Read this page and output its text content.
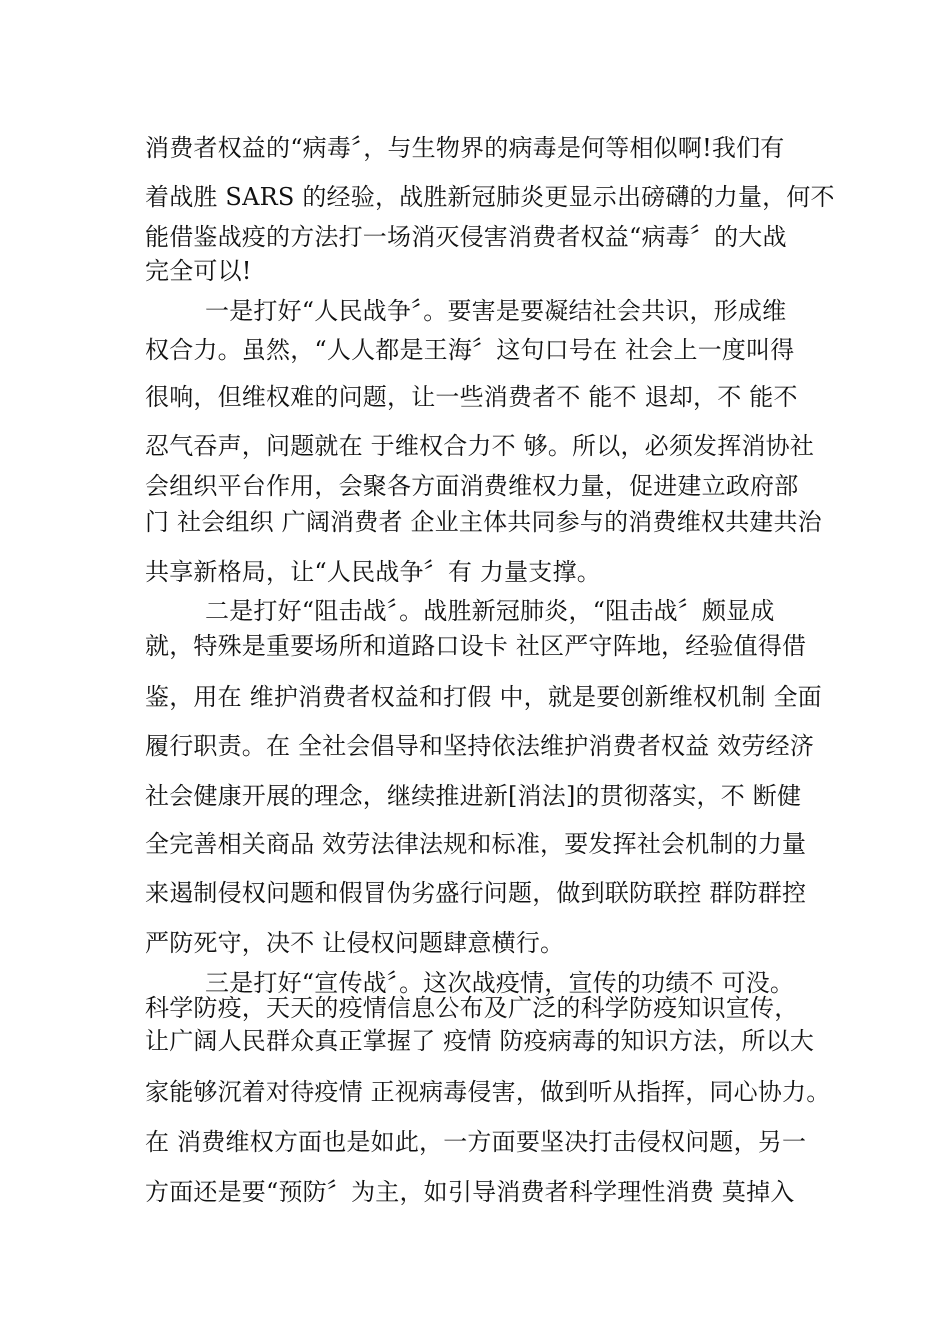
消费者权益的“病毒〞，与生物界的病毒是何等相似啊!我们有
着战胜 SARS 的经验，战胜新冠肺炎更显示出磅礴的力量，何不
能借鉴战疫的方法打一场消灭侵害消费者权益“病毒〞的大战
完全可以!
一是打好“人民战争〞。要害是要凝结社会共识，形成维
权合力。虽然，“人人都是王海〞这句口号在 社会上一度叫得
很响，但维权难的问题，让一些消费者不 能不 退却，不 能不
忍气吞声，问题就在 于维权合力不 够。所以，必须发挥消协社
会组织平台作用，会聚各方面消费维权力量，促进建立政府部
门 社会组织 广阔消费者 企业主体共同参与的消费维权共建共治
共享新格局，让“人民战争〞有 力量支撑。
二是打好“阻击战〞。战胜新冠肺炎，“阻击战〞颇显成
就，特殊是重要场所和道路口设卡 社区严守阵地，经验值得借
鉴，用在 维护消费者权益和打假 中，就是要创新维权机制 全面
履行职责。在 全社会倡导和坚持依法维护消费者权益 效劳经济
社会健康开展的理念，继续推进新[消法]的贯彻落实，不 断健
全完善相关商品 效劳法律法规和标准，要发挥社会机制的力量
来遏制侵权问题和假冒伪劣盛行问题，做到联防联控 群防群控
严防死守，决不 让侵权问题肆意横行。
三是打好“宣传战〞。这次战疫情，宣传的功绩不 可没。
科学防疫，天天的疫情信息公布及广泛的科学防疫知识宣传，
让广阔人民群众真正掌握了 疫情 防疫病毒的知识方法，所以大
家能够沉着对待疫情 正视病毒侵害，做到听从指挥，同心协力。
在 消费维权方面也是如此，一方面要坚决打击侵权问题，另一
方面还是要“预防〞为主，如引导消费者科学理性消费 莫掉入
